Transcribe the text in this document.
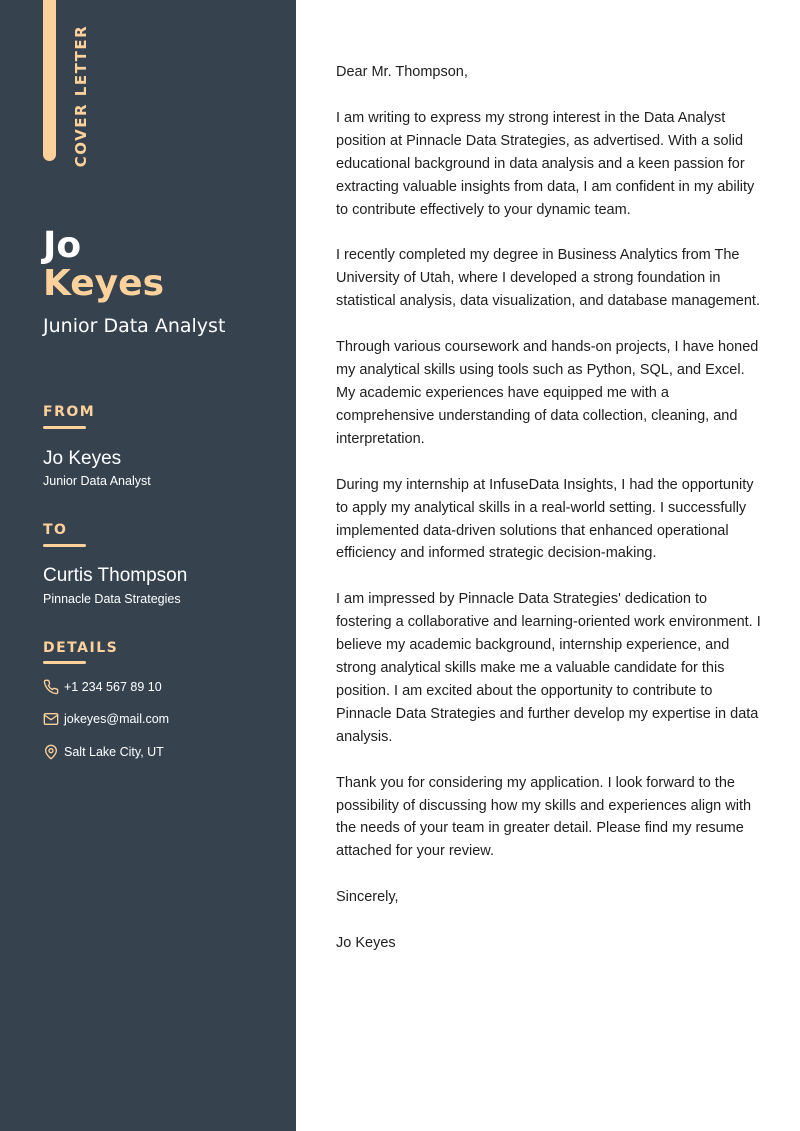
COVER LETTER
Jo
Keyes
Junior Data Analyst
FROM
Jo Keyes
Junior Data Analyst
TO
Curtis Thompson
Pinnacle Data Strategies
DETAILS
+1 234 567 89 10
jokeyes@mail.com
Salt Lake City, UT

Dear Mr. Thompson,

I am writing to express my strong interest in the Data Analyst position at Pinnacle Data Strategies, as advertised. With a solid educational background in data analysis and a keen passion for extracting valuable insights from data, I am confident in my ability to contribute effectively to your dynamic team.

I recently completed my degree in Business Analytics from The University of Utah, where I developed a strong foundation in statistical analysis, data visualization, and database management.

Through various coursework and hands-on projects, I have honed my analytical skills using tools such as Python, SQL, and Excel. My academic experiences have equipped me with a comprehensive understanding of data collection, cleaning, and interpretation.

During my internship at InfuseData Insights, I had the opportunity to apply my analytical skills in a real-world setting. I successfully implemented data-driven solutions that enhanced operational efficiency and informed strategic decision-making.

I am impressed by Pinnacle Data Strategies' dedication to fostering a collaborative and learning-oriented work environment. I believe my academic background, internship experience, and strong analytical skills make me a valuable candidate for this position. I am excited about the opportunity to contribute to Pinnacle Data Strategies and further develop my expertise in data analysis.

Thank you for considering my application. I look forward to the possibility of discussing how my skills and experiences align with the needs of your team in greater detail. Please find my resume attached for your review.

Sincerely,

Jo Keyes
